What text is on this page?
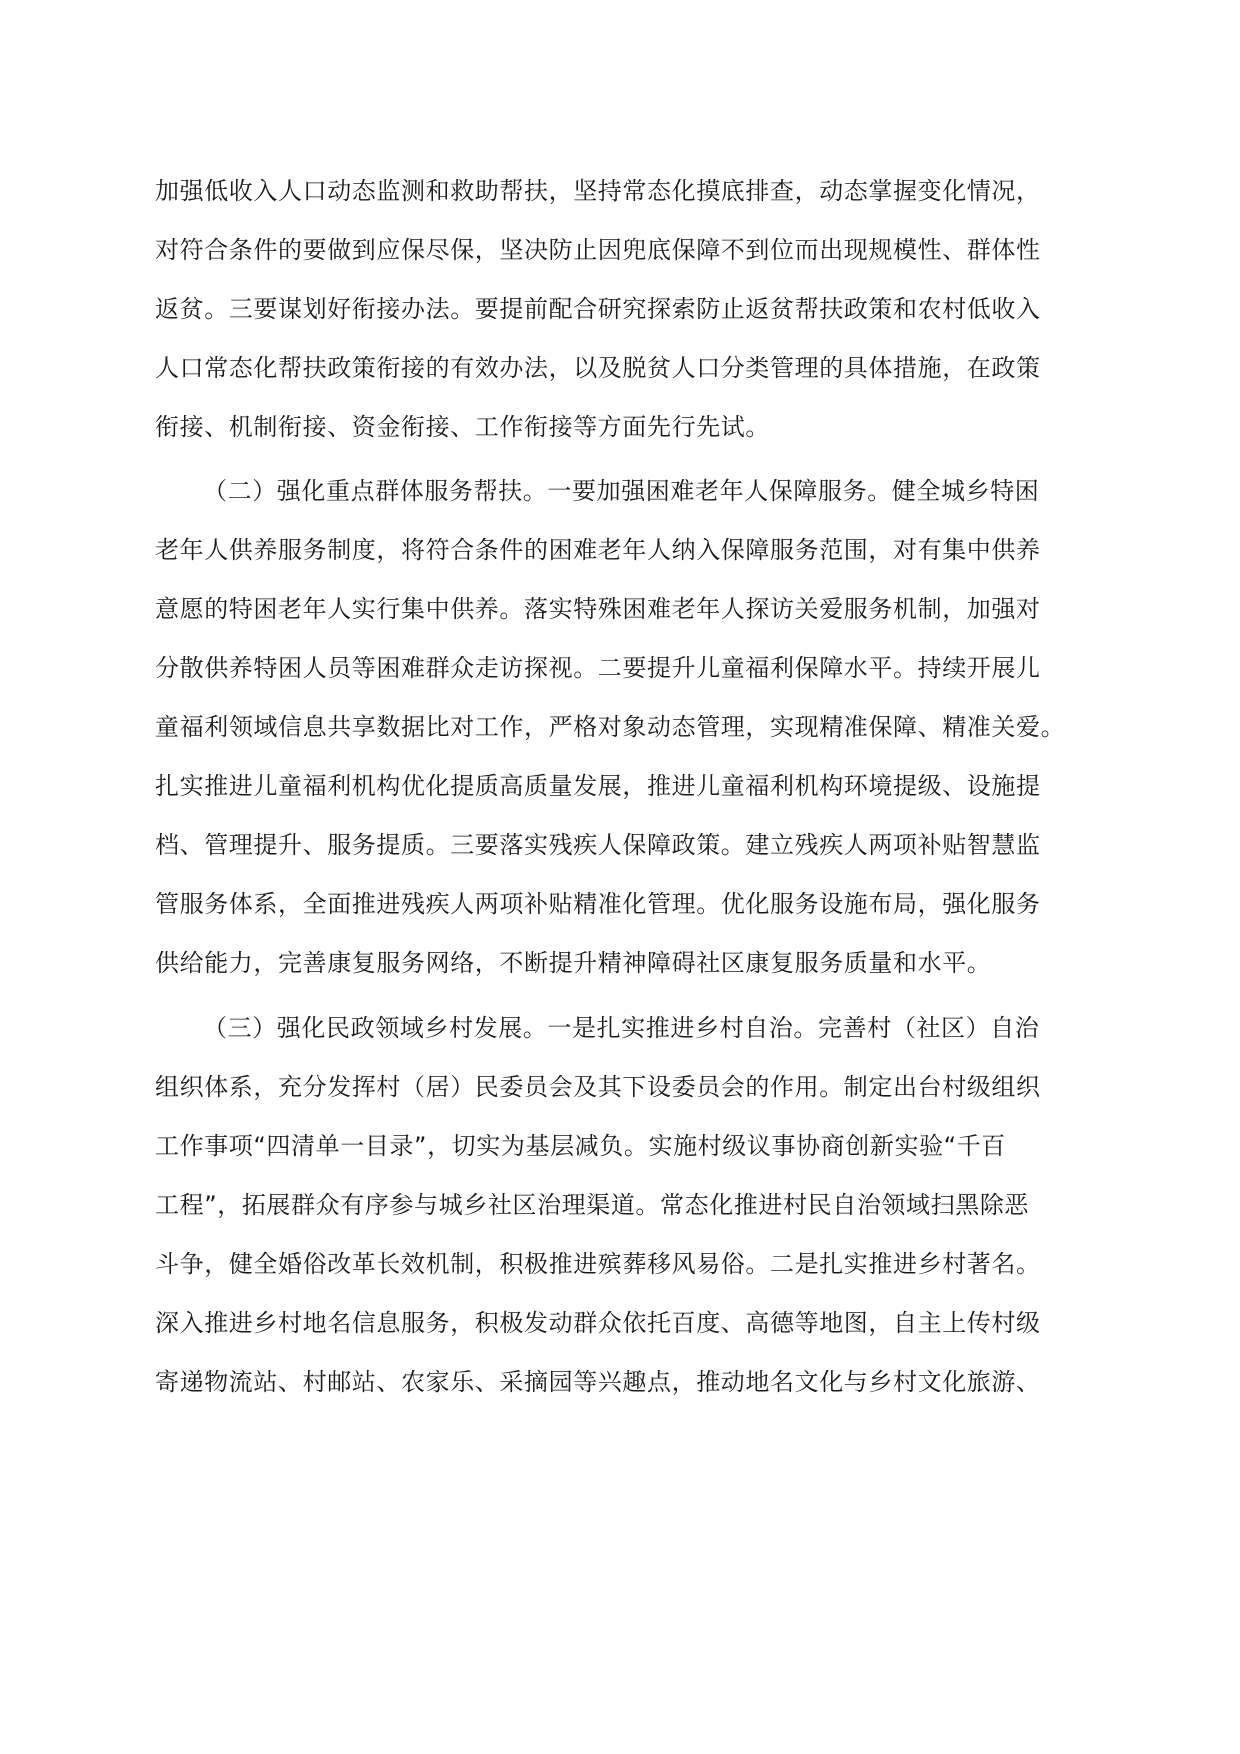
加强低收入人口动态监测和救助帮扶，坚持常态化摸底排查，动态掌握变化情况，
对符合条件的要做到应保尽保，坚决防止因兜底保障不到位而出现规模性、群体性
返贫。三要谋划好衔接办法。要提前配合研究探索防止返贫帮扶政策和农村低收入
人口常态化帮扶政策衔接的有效办法，以及脱贫人口分类管理的具体措施，在政策
衔接、机制衔接、资金衔接、工作衔接等方面先行先试。
（二）强化重点群体服务帮扶。一要加强困难老年人保障服务。健全城乡特困
老年人供养服务制度，将符合条件的困难老年人纳入保障服务范围，对有集中供养
意愿的特困老年人实行集中供养。落实特殊困难老年人探访关爱服务机制，加强对
分散供养特困人员等困难群众走访探视。二要提升儿童福利保障水平。持续开展儿
童福利领域信息共享数据比对工作，严格对象动态管理，实现精准保障、精准关爱。
扎实推进儿童福利机构优化提质高质量发展，推进儿童福利机构环境提级、设施提
档、管理提升、服务提质。三要落实残疾人保障政策。建立残疾人两项补贴智慧监
管服务体系，全面推进残疾人两项补贴精准化管理。优化服务设施布局，强化服务
供给能力，完善康复服务网络，不断提升精神障碍社区康复服务质量和水平。
（三）强化民政领域乡村发展。一是扎实推进乡村自治。完善村（社区）自治
组织体系，充分发挥村（居）民委员会及其下设委员会的作用。制定出台村级组织
工作事项“四清单一目录”，切实为基层减负。实施村级议事协商创新实验“千百
工程”，拓展群众有序参与城乡社区治理渠道。常态化推进村民自治领域扫黑除恶
斗争，健全婚俗改革长效机制，积极推进殡葬移风易俗。二是扎实推进乡村著名。
深入推进乡村地名信息服务，积极发动群众依托百度、高德等地图，自主上传村级
寄递物流站、村邮站、农家乐、采摘园等兴趣点，推动地名文化与乡村文化旅游、
